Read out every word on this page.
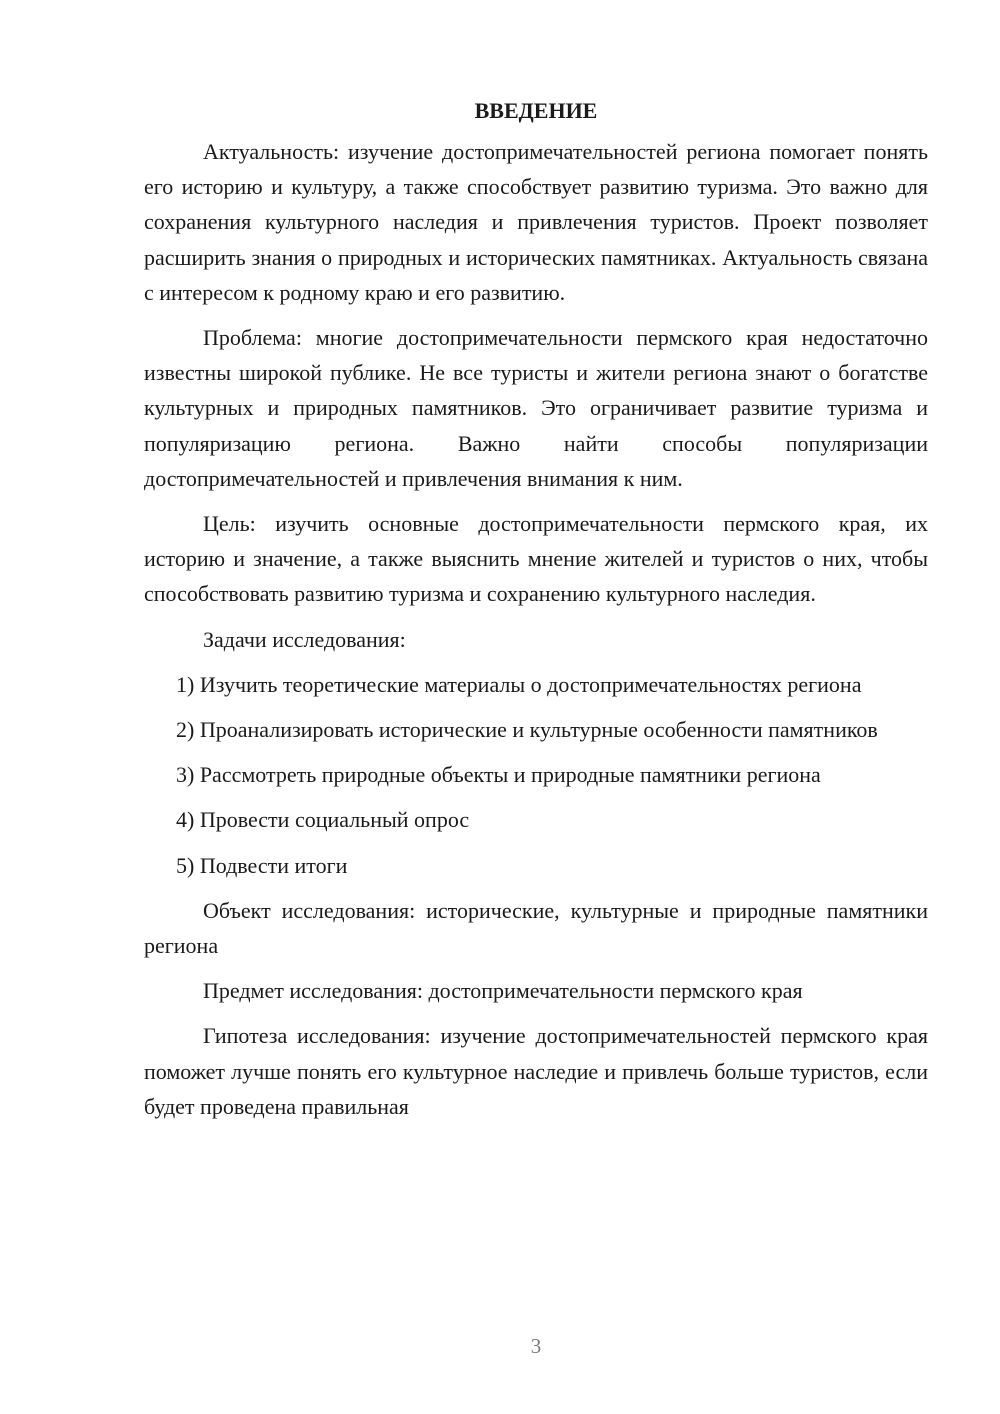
ВВЕДЕНИЕ

Актуальность: изучение достопримечательностей региона помогает понять его историю и культуру, а также способствует развитию туризма. Это важно для сохранения культурного наследия и привлечения туристов. Проект позволяет расширить знания о природных и исторических памятниках. Актуальность связана с интересом к родному краю и его развитию.

Проблема: многие достопримечательности пермского края недостаточно известны широкой публике. Не все туристы и жители региона знают о богатстве культурных и природных памятников. Это ограничивает развитие туризма и популяризацию региона. Важно найти способы популяризации достопримечательностей и привлечения внимания к ним.

Цель: изучить основные достопримечательности пермского края, их историю и значение, а также выяснить мнение жителей и туристов о них, чтобы способствовать развитию туризма и сохранению культурного наследия.

Задачи исследования:

1) Изучить теоретические материалы о достопримечательностях региона

2) Проанализировать исторические и культурные особенности памятников

3) Рассмотреть природные объекты и природные памятники региона

4) Провести социальный опрос

5) Подвести итоги

Объект исследования: исторические, культурные и природные памятники региона

Предмет исследования: достопримечательности пермского края

Гипотеза исследования: изучение достопримечательностей пермского края поможет лучше понять его культурное наследие и привлечь больше туристов, если будет проведена правильная

3
